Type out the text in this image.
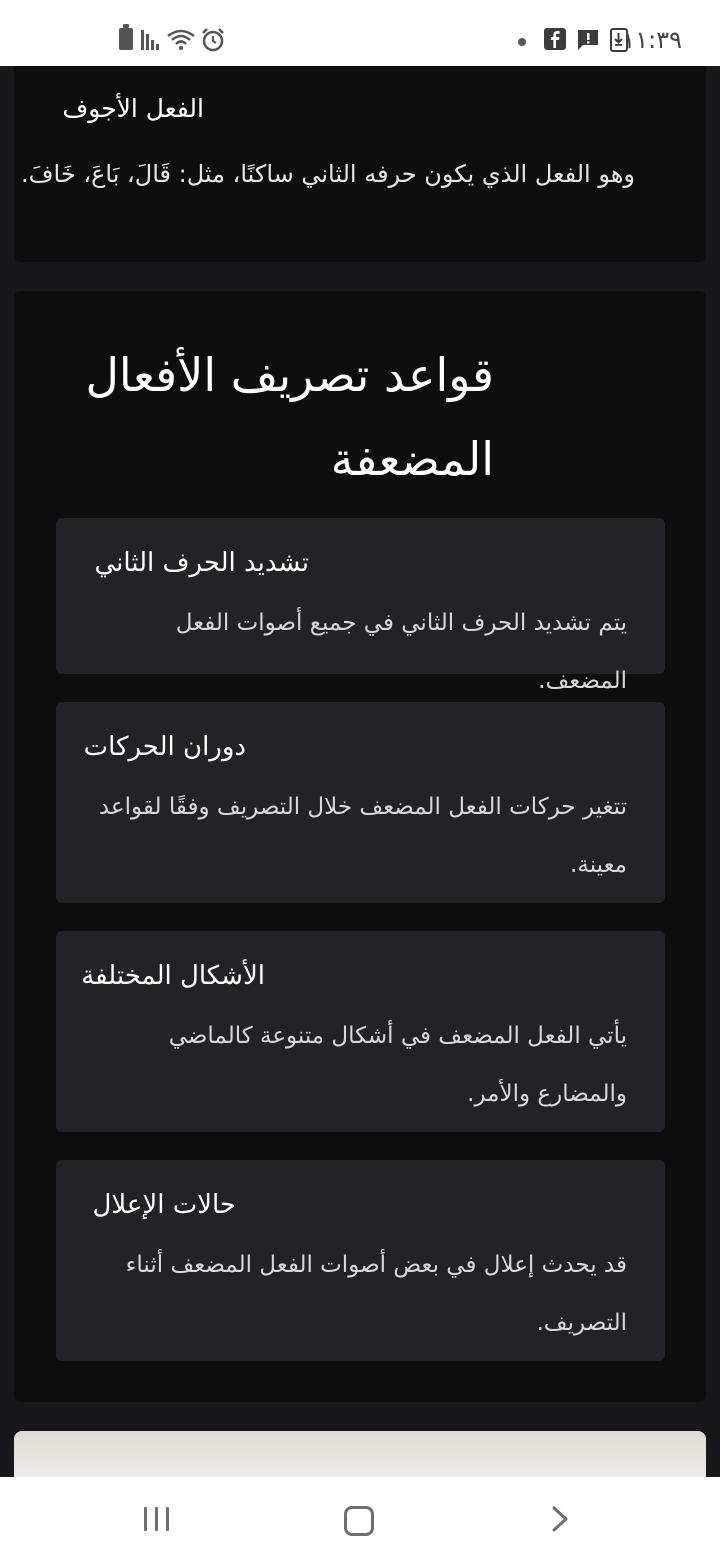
١١:٣٩
الفعل الأجوف
وهو الفعل الذي يكون حرفه الثاني ساكنًا، مثل: قَالَ، بَاعَ، خَافَ.
قواعد تصريف الأفعال المضعفة
تشديد الحرف الثاني
يتم تشديد الحرف الثاني في جميع أصوات الفعل المضعف.
دوران الحركات
تتغير حركات الفعل المضعف خلال التصريف وفقًا لقواعد معينة.
الأشكال المختلفة
يأتي الفعل المضعف في أشكال متنوعة كالماضي والمضارع والأمر.
حالات الإعلال
قد يحدث إعلال في بعض أصوات الفعل المضعف أثناء التصريف.
